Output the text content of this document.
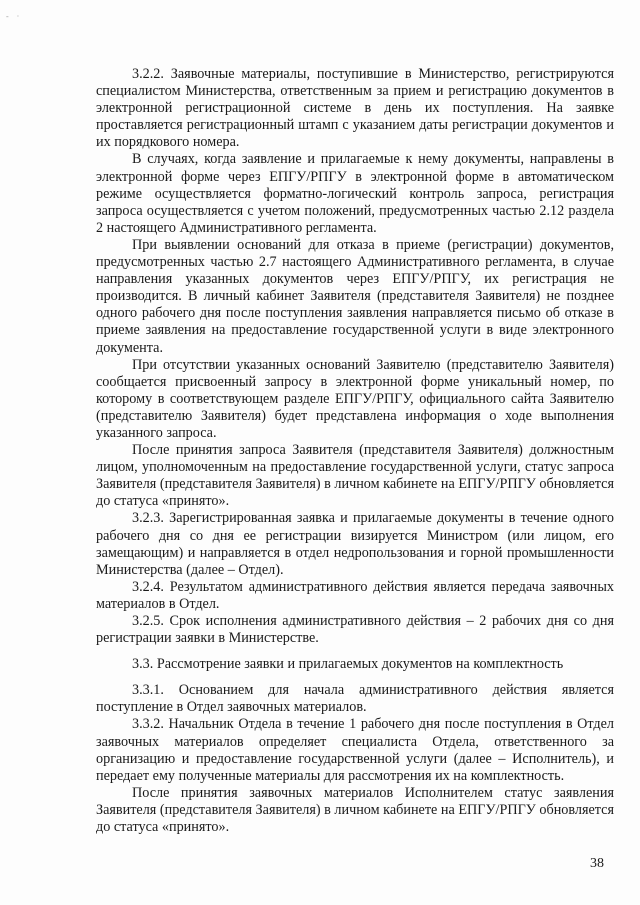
- ·

3.2.2. Заявочные материалы, поступившие в Министерство, регистрируются специалистом Министерства, ответственным за прием и регистрацию документов в электронной регистрационной системе в день их поступления. На заявке проставляется регистрационный штамп с указанием даты регистрации документов и их порядкового номера.

В случаях, когда заявление и прилагаемые к нему документы, направлены в электронной форме через ЕПГУ/РПГУ в электронной форме в автоматическом режиме осуществляется форматно-логический контроль запроса, регистрация запроса осуществляется с учетом положений, предусмотренных частью 2.12 раздела 2 настоящего Административного регламента.

При выявлении оснований для отказа в приеме (регистрации) документов, предусмотренных частью 2.7 настоящего Административного регламента, в случае направления указанных документов через ЕПГУ/РПГУ, их регистрация не производится. В личный кабинет Заявителя (представителя Заявителя) не позднее одного рабочего дня после поступления заявления направляется письмо об отказе в приеме заявления на предоставление государственной услуги в виде электронного документа.

При отсутствии указанных оснований Заявителю (представителю Заявителя) сообщается присвоенный запросу в электронной форме уникальный номер, по которому в соответствующем разделе ЕПГУ/РПГУ, официального сайта Заявителю (представителю Заявителя) будет представлена информация о ходе выполнения указанного запроса.

После принятия запроса Заявителя (представителя Заявителя) должностным лицом, уполномоченным на предоставление государственной услуги, статус запроса Заявителя (представителя Заявителя) в личном кабинете на ЕПГУ/РПГУ обновляется до статуса «принято».

3.2.3. Зарегистрированная заявка и прилагаемые документы в течение одного рабочего дня со дня ее регистрации визируется Министром (или лицом, его замещающим) и направляется в отдел недропользования и горной промышленности Министерства (далее – Отдел).

3.2.4. Результатом административного действия является передача заявочных материалов в Отдел.

3.2.5. Срок исполнения административного действия – 2 рабочих дня со дня регистрации заявки в Министерстве.

3.3. Рассмотрение заявки и прилагаемых документов на комплектность

3.3.1. Основанием для начала административного действия является поступление в Отдел заявочных материалов.

3.3.2. Начальник Отдела в течение 1 рабочего дня после поступления в Отдел заявочных материалов определяет специалиста Отдела, ответственного за организацию и предоставление государственной услуги (далее – Исполнитель), и передает ему полученные материалы для рассмотрения их на комплектность.

После принятия заявочных материалов Исполнителем статус заявления Заявителя (представителя Заявителя) в личном кабинете на ЕПГУ/РПГУ обновляется до статуса «принято».

38
